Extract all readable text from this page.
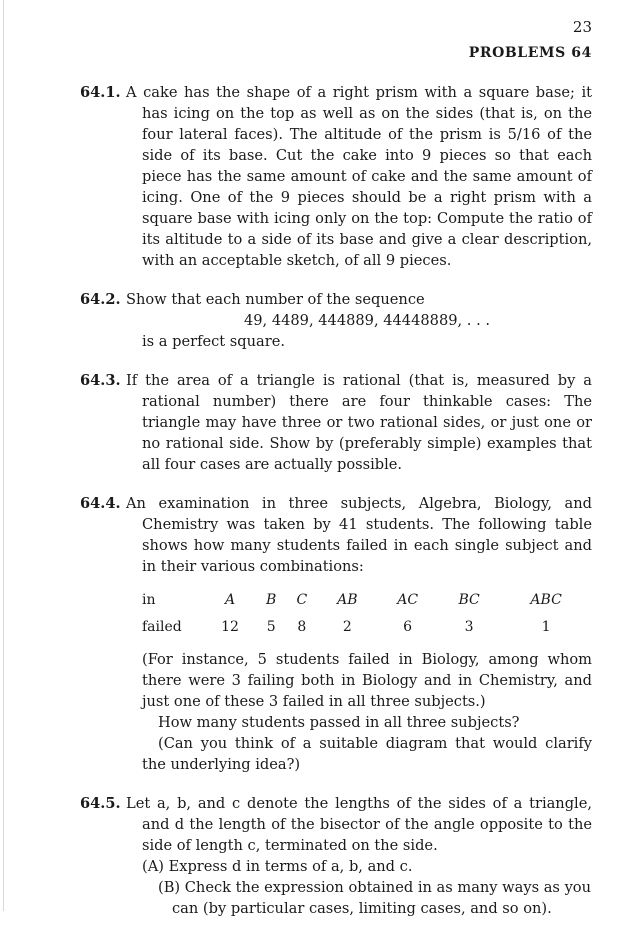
23
PROBLEMS 64
64.1. A cake has the shape of a right prism with a square base; it has icing on the top as well as on the sides (that is, on the four lateral faces). The altitude of the prism is 5/16 of the side of its base. Cut the cake into 9 pieces so that each piece has the same amount of cake and the same amount of icing. One of the 9 pieces should be a right prism with a square base with icing only on the top: Compute the ratio of its altitude to a side of its base and give a clear description, with an acceptable sketch, of all 9 pieces.
64.2. Show that each number of the sequence
49, 4489, 444889, 44448889, . . .
is a perfect square.
64.3. If the area of a triangle is rational (that is, measured by a rational number) there are four thinkable cases: The triangle may have three or two rational sides, or just one or no rational side. Show by (preferably simple) examples that all four cases are actually possible.
64.4. An examination in three subjects, Algebra, Biology, and Chemistry was taken by 41 students. The following table shows how many students failed in each single subject and in their various combinations:
in	A	B	C	AB	AC	BC	ABC
failed	12	5	8	2	6	3	1
(For instance, 5 students failed in Biology, among whom there were 3 failing both in Biology and in Chemistry, and just one of these 3 failed in all three subjects.)
How many students passed in all three subjects?
(Can you think of a suitable diagram that would clarify the underlying idea?)
64.5. Let a, b, and c denote the lengths of the sides of a triangle, and d the length of the bisector of the angle opposite to the side of length c, terminated on the side.
(A) Express d in terms of a, b, and c.
(B) Check the expression obtained in as many ways as you can (by particular cases, limiting cases, and so on).
